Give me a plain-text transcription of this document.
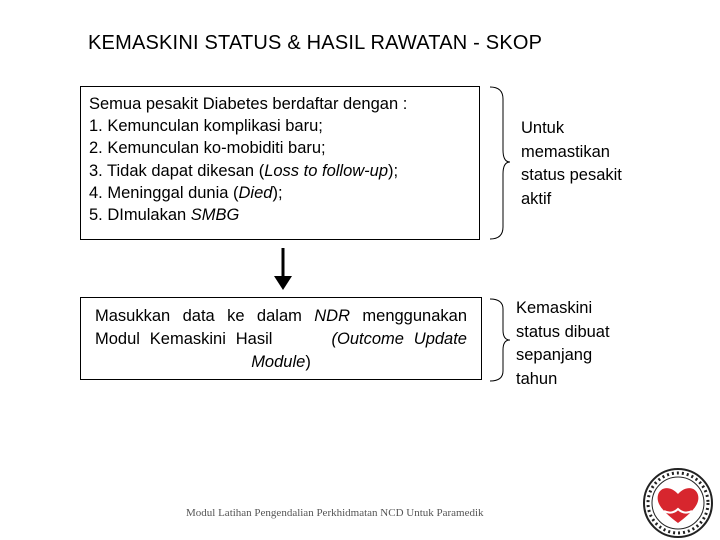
KEMASKINI STATUS & HASIL RAWATAN - SKOP
Semua pesakit Diabetes berdaftar dengan :
1. Kemunculan komplikasi baru;
2. Kemunculan ko-mobiditi baru;
3. Tidak dapat dikesan (Loss to follow-up);
4. Meninggal dunia (Died);
5. DImulakan SMBG
Masukkan data ke dalam NDR menggunakan Modul Kemaskini Hasil	(Outcome Update Module)
Untuk
memastikan
status pesakit
aktif
Kemaskini
status dibuat
sepanjang
tahun
Modul Latihan Pengendalian Perkhidmatan NCD Untuk Paramedik
